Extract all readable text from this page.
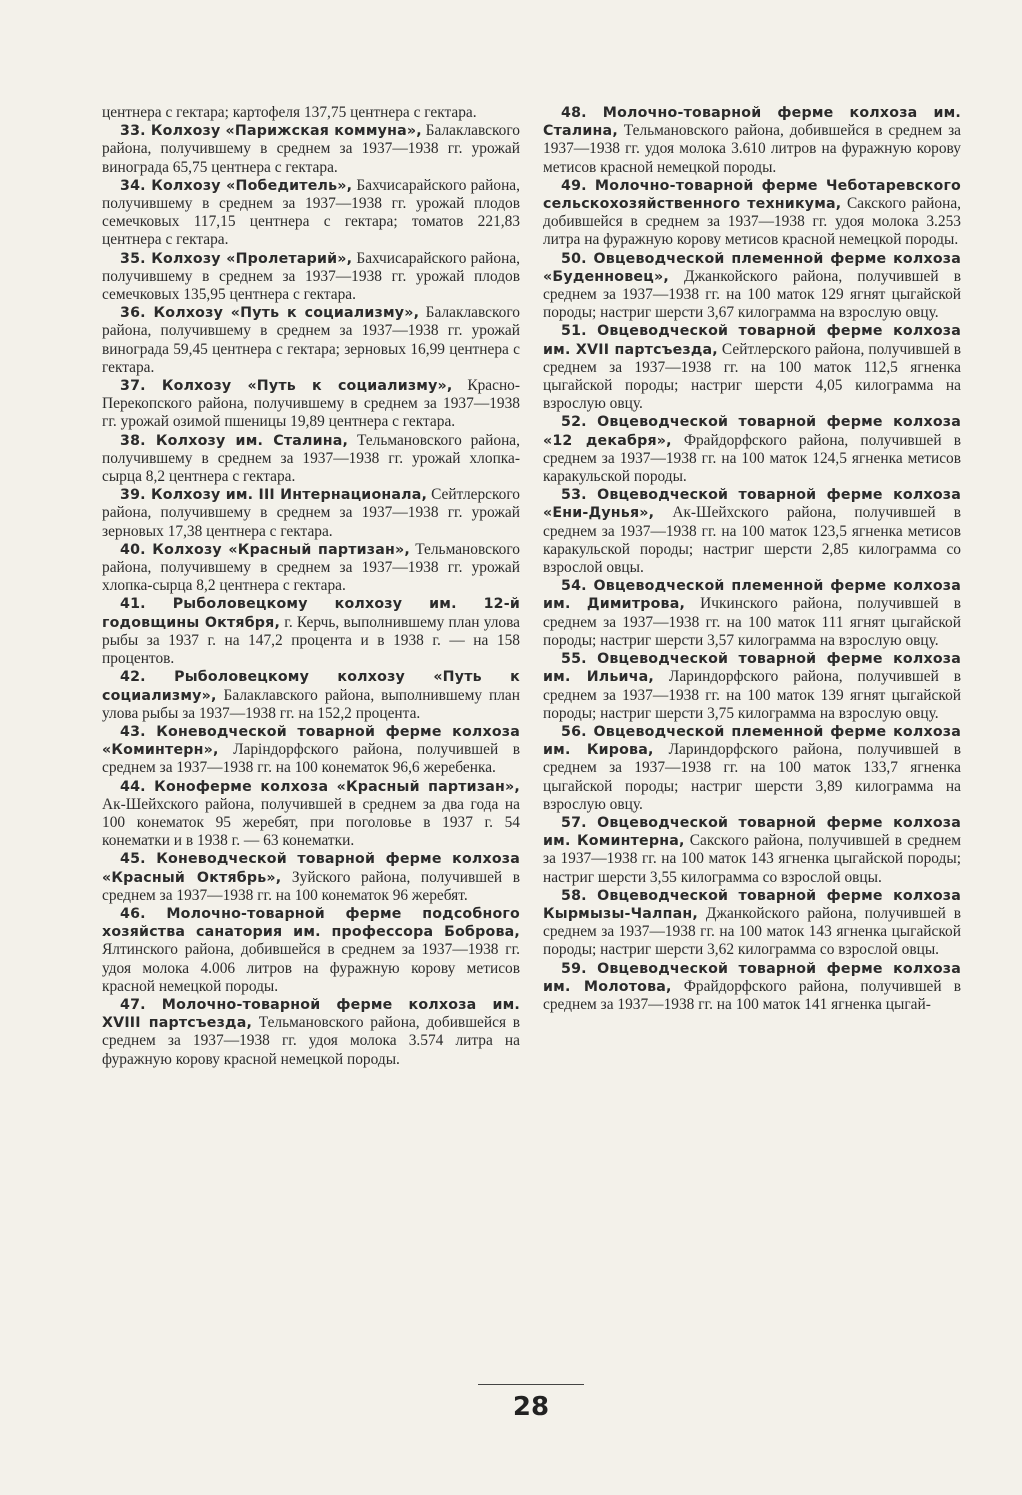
центнера с гектара; картофеля 137,75 центнера с гектара.

33. Колхозу «Парижская коммуна», Балаклавского района, получившему в среднем за 1937—1938 гг. урожай винограда 65,75 центнера с гектара.

34. Колхозу «Победитель», Бахчисарайского района, получившему в среднем за 1937—1938 гг. урожай плодов семечковых 117,15 центнера с гектара; томатов 221,83 центнера с гектара.

35. Колхозу «Пролетарий», Бахчисарайского района, получившему в среднем за 1937—1938 гг. урожай плодов семечковых 135,95 центнера с гектара.

36. Колхозу «Путь к социализму», Балаклавского района, получившему в среднем за 1937—1938 гг. урожай винограда 59,45 центнера с гектара; зерновых 16,99 центнера с гектара.

37. Колхозу «Путь к социализму», Красно-Перекопского района, получившему в среднем за 1937—1938 гг. урожай озимой пшеницы 19,89 центнера с гектара.

38. Колхозу им. Сталина, Тельмановского района, получившему в среднем за 1937—1938 гг. урожай хлопка-сырца 8,2 центнера с гектара.

39. Колхозу им. III Интернационала, Сейтлерского района, получившему в среднем за 1937—1938 гг. урожай зерновых 17,38 центнера с гектара.

40. Колхозу «Красный партизан», Тельмановского района, получившему в среднем за 1937—1938 гг. урожай хлопка-сырца 8,2 центнера с гектара.

41. Рыболовецкому колхозу им. 12-й годовщины Октября, г. Керчь, выполнившему план улова рыбы за 1937 г. на 147,2 процента и в 1938 г. — на 158 процентов.

42. Рыболовецкому колхозу «Путь к социализму», Балаклавского района, выполнившему план улова рыбы за 1937—1938 гг. на 152,2 процента.

43. Коневодческой товарной ферме колхоза «Коминтерн», Ларіндорфского района, получившей в среднем за 1937—1938 гг. на 100 конематок 96,6 жеребенка.

44. Коноферме колхоза «Красный партизан», Ак-Шейхского района, получившей в среднем за два года на 100 конематок 95 жеребят, при поголовье в 1937 г. 54 конематки и в 1938 г. — 63 конематки.

45. Коневодческой товарной ферме колхоза «Красный Октябрь», Зуйского района, получившей в среднем за 1937—1938 гг. на 100 конематок 96 жеребят.

46. Молочно-товарной ферме подсобного хозяйства санатория им. профессора Боброва, Ялтинского района, добившейся в среднем за 1937—1938 гг. удоя молока 4.006 литров на фуражную корову метисов красной немецкой породы.

47. Молочно-товарной ферме колхоза им. XVIII партсъезда, Тельмановского района, добившейся в среднем за 1937—1938 гг. удоя молока 3.574 литра на фуражную корову красной немецкой породы.

48. Молочно-товарной ферме колхоза им. Сталина, Тельмановского района, добившейся в среднем за 1937—1938 гг. удоя молока 3.610 литров на фуражную корову метисов красной немецкой породы.

49. Молочно-товарной ферме Чеботаревского сельскохозяйственного техникума, Сакского района, добившейся в среднем за 1937—1938 гг. удоя молока 3.253 литра на фуражную корову метисов красной немецкой породы.

50. Овцеводческой племенной ферме колхоза «Буденновец», Джанкойского района, получившей в среднем за 1937—1938 гг. на 100 маток 129 ягнят цыгайской породы; настриг шерсти 3,67 килограмма на взрослую овцу.

51. Овцеводческой товарной ферме колхоза им. XVII партсъезда, Сейтлерского района, получившей в среднем за 1937—1938 гг. на 100 маток 112,5 ягненка цыгайской породы; настриг шерсти 4,05 килограмма на взрослую овцу.

52. Овцеводческой товарной ферме колхоза «12 декабря», Фрайдорфского района, получившей в среднем за 1937—1938 гг. на 100 маток 124,5 ягненка метисов каракульской породы.

53. Овцеводческой товарной ферме колхоза «Ени-Дунья», Ак-Шейхского района, получившей в среднем за 1937—1938 гг. на 100 маток 123,5 ягненка метисов каракульской породы; настриг шерсти 2,85 килограмма со взрослой овцы.

54. Овцеводческой племенной ферме колхоза им. Димитрова, Ичкинского района, получившей в среднем за 1937—1938 гг. на 100 маток 111 ягнят цыгайской породы; настриг шерсти 3,57 килограмма на взрослую овцу.

55. Овцеводческой товарной ферме колхоза им. Ильича, Лариндорфского района, получившей в среднем за 1937—1938 гг. на 100 маток 139 ягнят цыгайской породы; настриг шерсти 3,75 килограмма на взрослую овцу.

56. Овцеводческой племенной ферме колхоза им. Кирова, Лариндорфского района, получившей в среднем за 1937—1938 гг. на 100 маток 133,7 ягненка цыгайской породы; настриг шерсти 3,89 килограмма на взрослую овцу.

57. Овцеводческой товарной ферме колхоза им. Коминтерна, Сакского района, получившей в среднем за 1937—1938 гг. на 100 маток 143 ягненка цыгайской породы; настриг шерсти 3,55 килограмма со взрослой овцы.

58. Овцеводческой товарной ферме колхоза Кырмызы-Чалпан, Джанкойского района, получившей в среднем за 1937—1938 гг. на 100 маток 143 ягненка цыгайской породы; настриг шерсти 3,62 килограмма со взрослой овцы.

59. Овцеводческой товарной ферме колхоза им. Молотова, Фрайдорфского района, получившей в среднем за 1937—1938 гг. на 100 маток 141 ягненка цыгай-

28
